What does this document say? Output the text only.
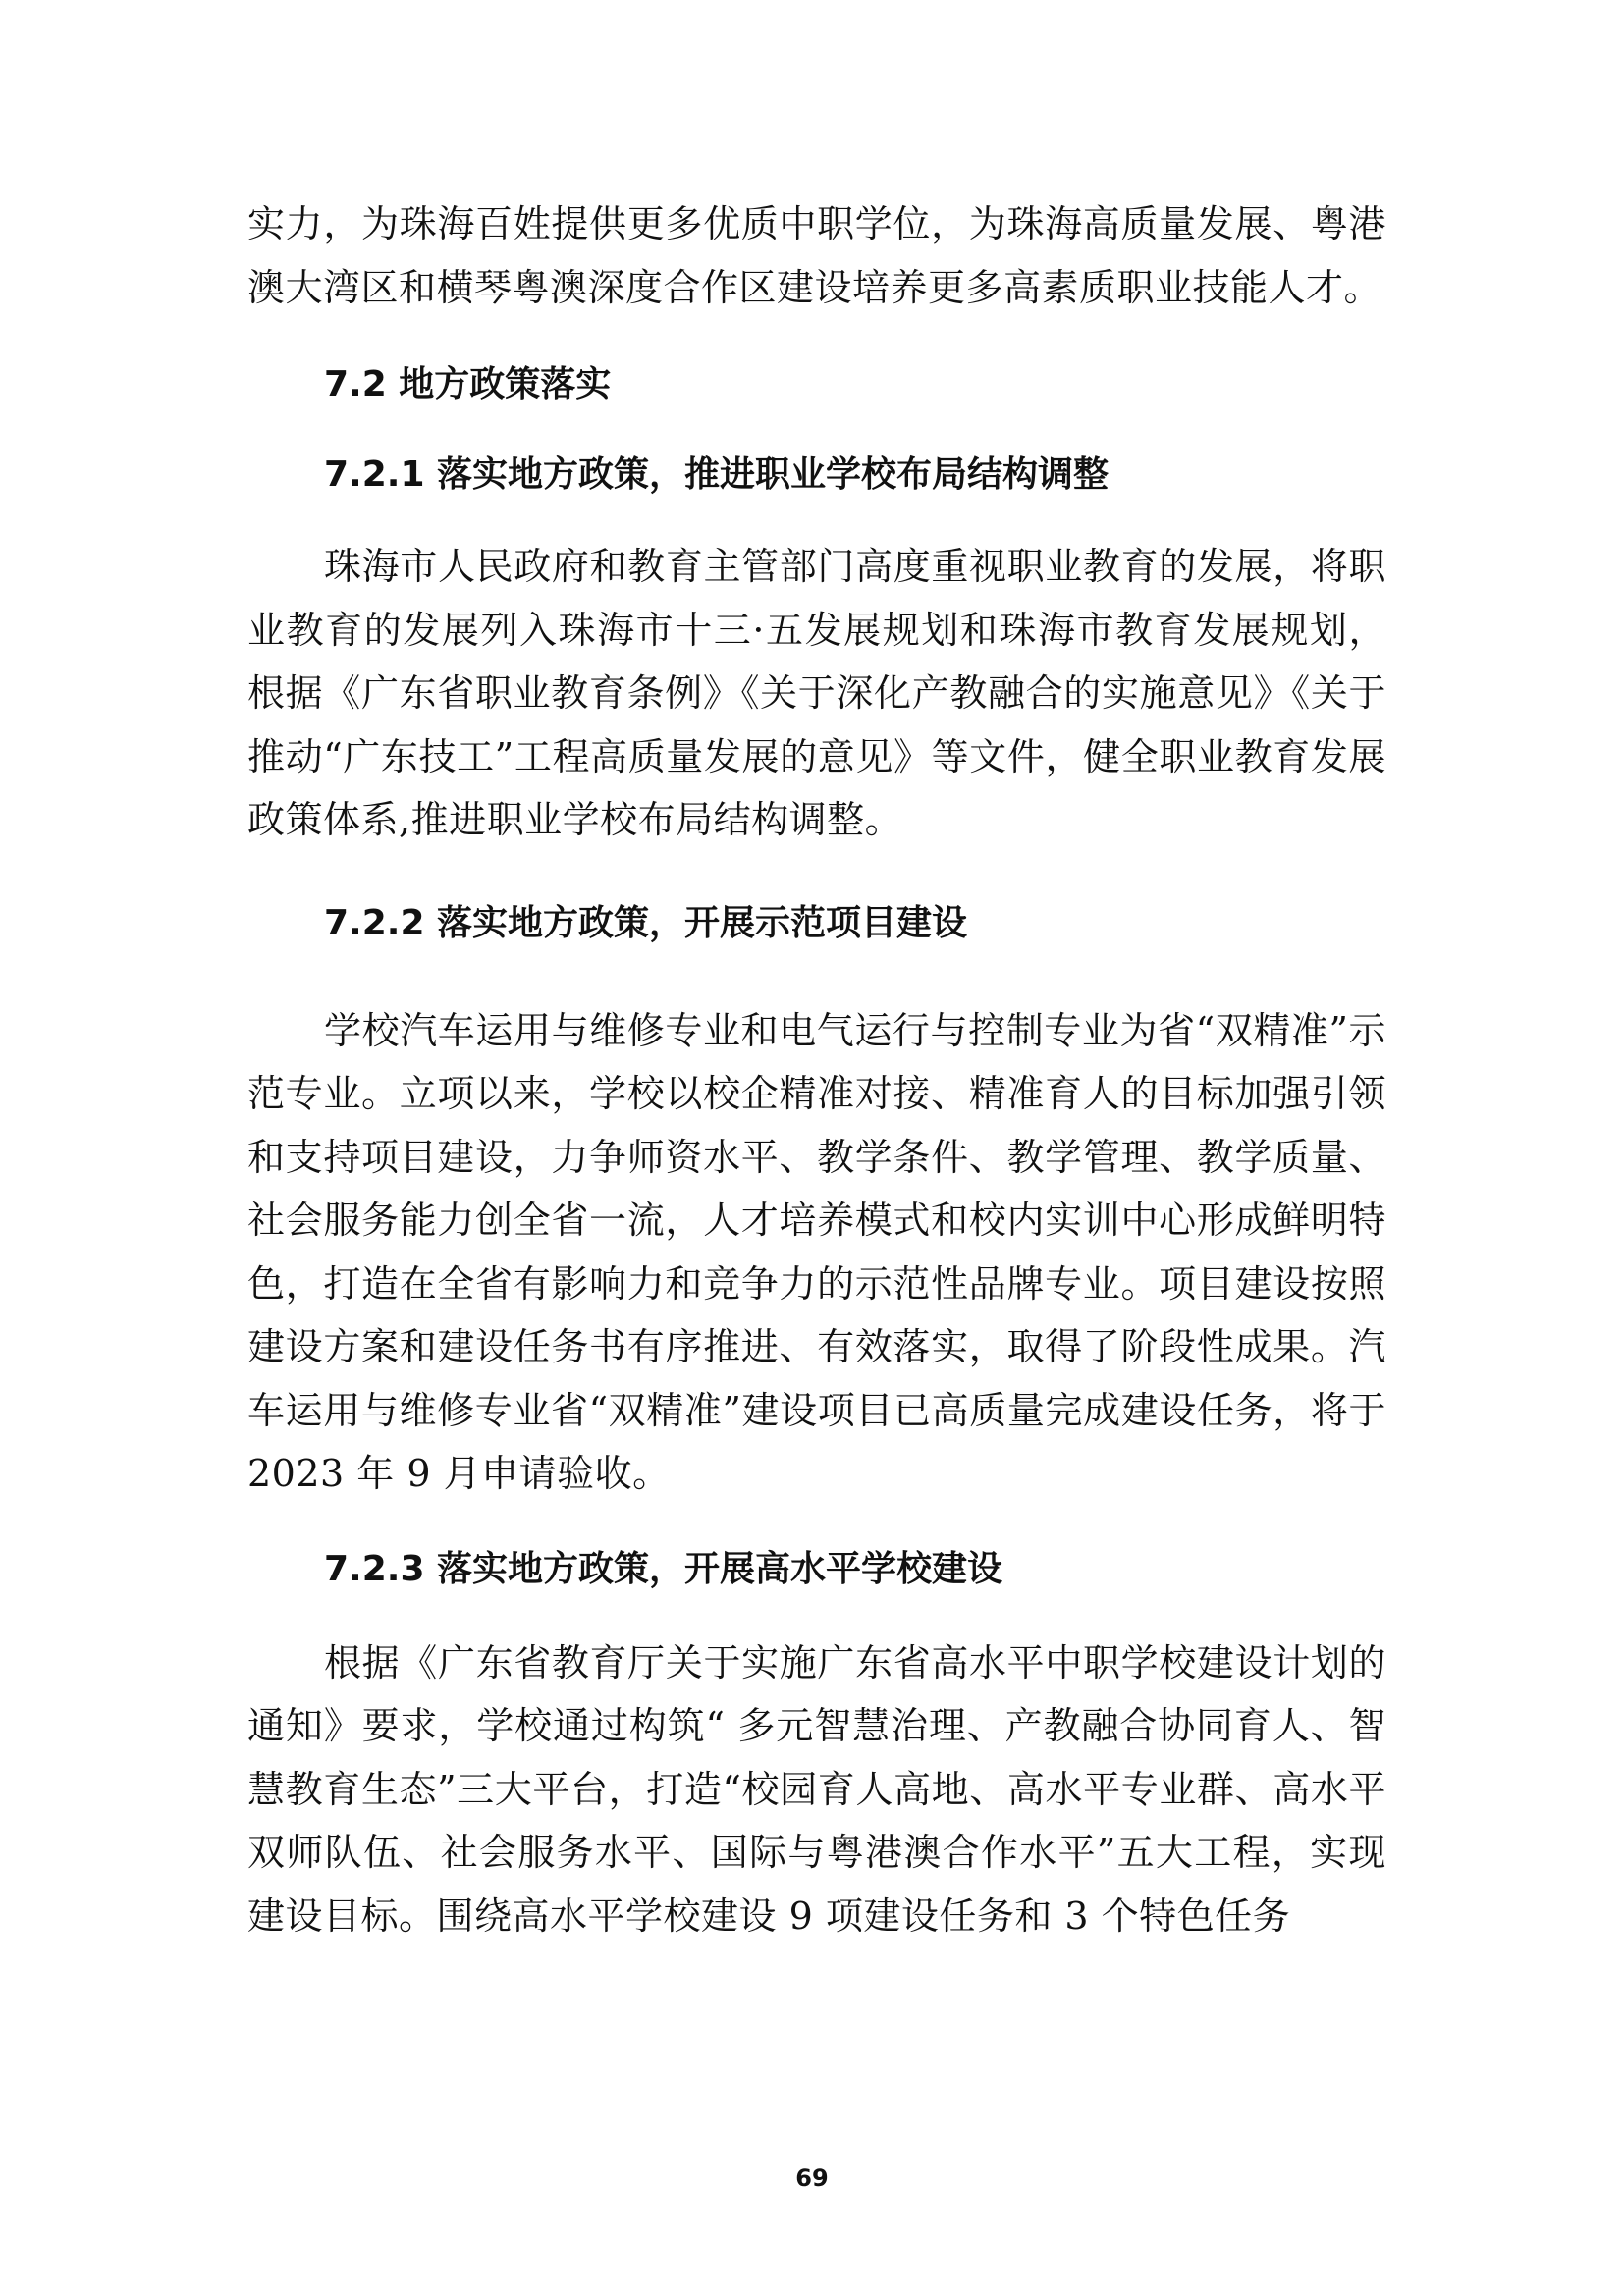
实力，为珠海百姓提供更多优质中职学位，为珠海高质量发展、粤港澳大湾区和横琴粤澳深度合作区建设培养更多高素质职业技能人才。

7.2 地方政策落实
7.2.1 落实地方政策，推进职业学校布局结构调整

珠海市人民政府和教育主管部门高度重视职业教育的发展，将职业教育的发展列入珠海市十三·五发展规划和珠海市教育发展规划，根据《广东省职业教育条例》《关于深化产教融合的实施意见》《关于推动“广东技工”工程高质量发展的意见》等文件，健全职业教育发展政策体系,推进职业学校布局结构调整。

7.2.2 落实地方政策，开展示范项目建设

学校汽车运用与维修专业和电气运行与控制专业为省“双精准”示范专业。立项以来，学校以校企精准对接、精准育人的目标加强引领和支持项目建设，力争师资水平、教学条件、教学管理、教学质量、社会服务能力创全省一流，人才培养模式和校内实训中心形成鲜明特色，打造在全省有影响力和竞争力的示范性品牌专业。项目建设按照建设方案和建设任务书有序推进、有效落实，取得了阶段性成果。汽车运用与维修专业省“双精准”建设项目已高质量完成建设任务，将于 2023 年 9 月申请验收。

7.2.3 落实地方政策，开展高水平学校建设

根据《广东省教育厅关于实施广东省高水平中职学校建设计划的通知》要求，学校通过构筑“ 多元智慧治理、产教融合协同育人、智慧教育生态”三大平台，打造“校园育人高地、高水平专业群、高水平双师队伍、社会服务水平、国际与粤港澳合作水平”五大工程，实现建设目标。围绕高水平学校建设 9 项建设任务和 3 个特色任务

69
